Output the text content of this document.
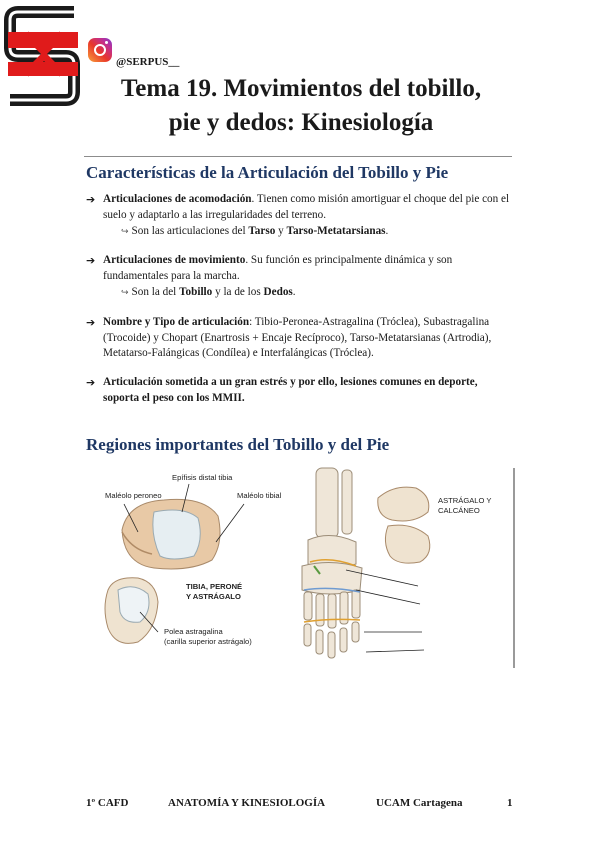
@SERPUS__
Tema 19. Movimientos del tobillo,
pie y dedos: Kinesiología
Características de la Articulación del Tobillo y Pie
➔ Articulaciones de acomodación. Tienen como misión amortiguar el choque del pie con el suelo y adaptarlo a las irregularidades del terreno.
↪ Son las articulaciones del Tarso y Tarso-Metatarsianas.
➔ Articulaciones de movimiento. Su función es principalmente dinámica y son fundamentales para la marcha.
↪ Son la del Tobillo y la de los Dedos.
➔ Nombre y Tipo de articulación: Tibio-Peronea-Astragalina (Tróclea), Subastragalina (Trocoide) y Chopart (Enartrosis + Encaje Recíproco), Tarso-Metatarsianas (Artrodia), Metatarso-Falángicas (Condílea) e Interfalángicas (Tróclea).
➔ Articulación sometida a un gran estrés y por ello, lesiones comunes en deporte, soporta el peso con los MMII.
Regiones importantes del Tobillo y del Pie
Epífisis distal tibia
Maléolo peroneo	Maléolo tibial
TIBIA, PERONÉ
Y ASTRÁGALO
Polea astragalina
(carilla superior astrágalo)
ASTRÁGALO Y
CALCÁNEO
1º CAFD	ANATOMÍA Y KINESIOLOGÍA	UCAM Cartagena	1
